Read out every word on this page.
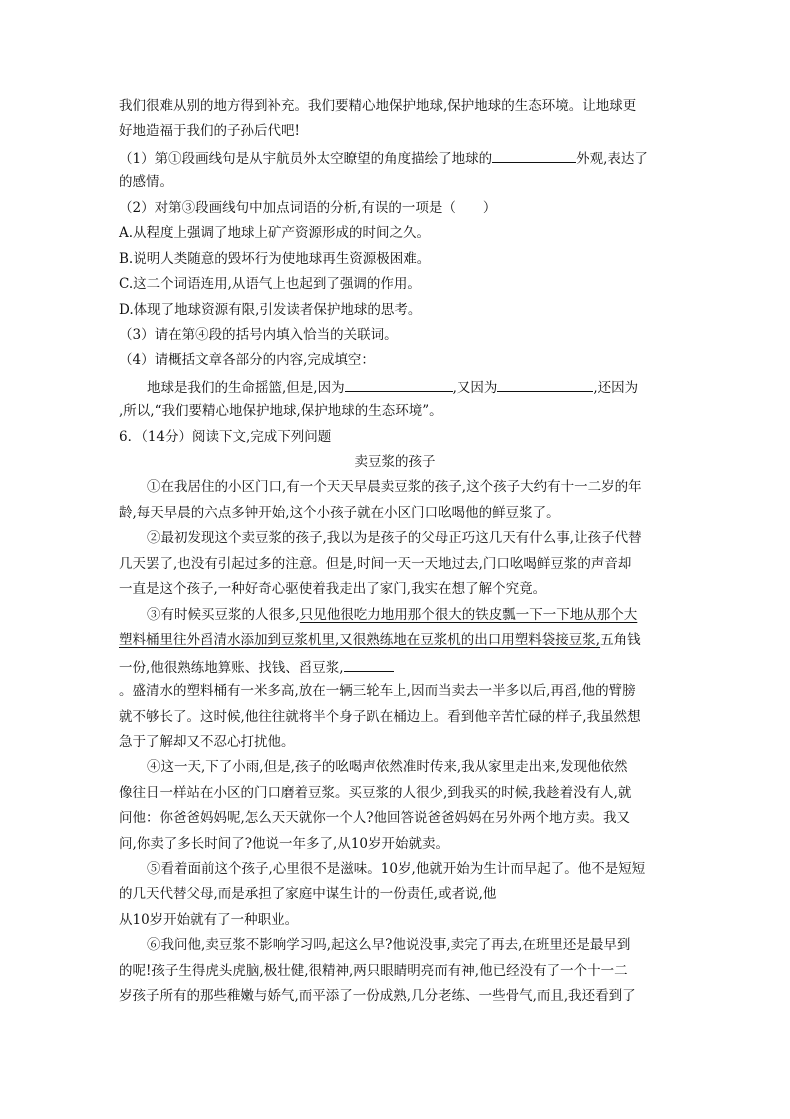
我们很难从别的地方得到补充。我们要精心地保护地球,保护地球的生态环境。让地球更
好地造福于我们的子孙后代吧!
（1）第①段画线句是从宇航员外太空瞭望的角度描绘了地球的	外观,表达了
的感情。
（2）对第③段画线句中加点词语的分析,有误的一项是（　　）
A.从程度上强调了地球上矿产资源形成的时间之久。
B.说明人类随意的毁坏行为使地球再生资源极困难。
C.这二个词语连用,从语气上也起到了强调的作用。
D.体现了地球资源有限,引发读者保护地球的思考。
（3）请在第④段的括号内填入恰当的关联词。
（4）请概括文章各部分的内容,完成填空：
地球是我们的生命摇篮,但是,因为	,又因为	,还因为
,所以,“我们要精心地保护地球,保护地球的生态环境”。
6．（14分）阅读下文,完成下列问题
卖豆浆的孩子
①在我居住的小区门口,有一个天天早晨卖豆浆的孩子,这个孩子大约有十一二岁的年
龄,每天早晨的六点多钟开始,这个小孩子就在小区门口吆喝他的鲜豆浆了。
②最初发现这个卖豆浆的孩子,我以为是孩子的父母正巧这几天有什么事,让孩子代替
几天罢了,也没有引起过多的注意。但是,时间一天一天地过去,门口吆喝鲜豆浆的声音却
一直是这个孩子,一种好奇心驱使着我走出了家门,我实在想了解个究竟。
③有时候买豆浆的人很多,只见他很吃力地用那个很大的铁皮瓢一下一下地从那个大
塑料桶里往外舀清水添加到豆浆机里,又很熟练地在豆浆机的出口用塑料袋接豆浆,五角钱
一份,他很熟练地算账、找钱、舀豆浆,
。盛清水的塑料桶有一米多高,放在一辆三轮车上,因而当卖去一半多以后,再舀,他的臂膀
就不够长了。这时候,他往往就将半个身子趴在桶边上。看到他辛苦忙碌的样子,我虽然想
急于了解却又不忍心打扰他。
④这一天,下了小雨,但是,孩子的吆喝声依然准时传来,我从家里走出来,发现他依然
像往日一样站在小区的门口磨着豆浆。买豆浆的人很少,到我买的时候,我趁着没有人,就
问他：你爸爸妈妈呢,怎么天天就你一个人?他回答说爸爸妈妈在另外两个地方卖。我又
问,你卖了多长时间了?他说一年多了,从10岁开始就卖。
⑤看着面前这个孩子,心里很不是滋味。10岁,他就开始为生计而早起了。他不是短短
的几天代替父母,而是承担了家庭中谋生计的一份责任,或者说,他
从10岁开始就有了一种职业。
⑥我问他,卖豆浆不影响学习吗,起这么早?他说没事,卖完了再去,在班里还是最早到
的呢!孩子生得虎头虎脑,极壮健,很精神,两只眼睛明亮而有神,他已经没有了一个十一二
岁孩子所有的那些稚嫩与娇气,而平添了一份成熟,几分老练、一些骨气,而且,我还看到了
